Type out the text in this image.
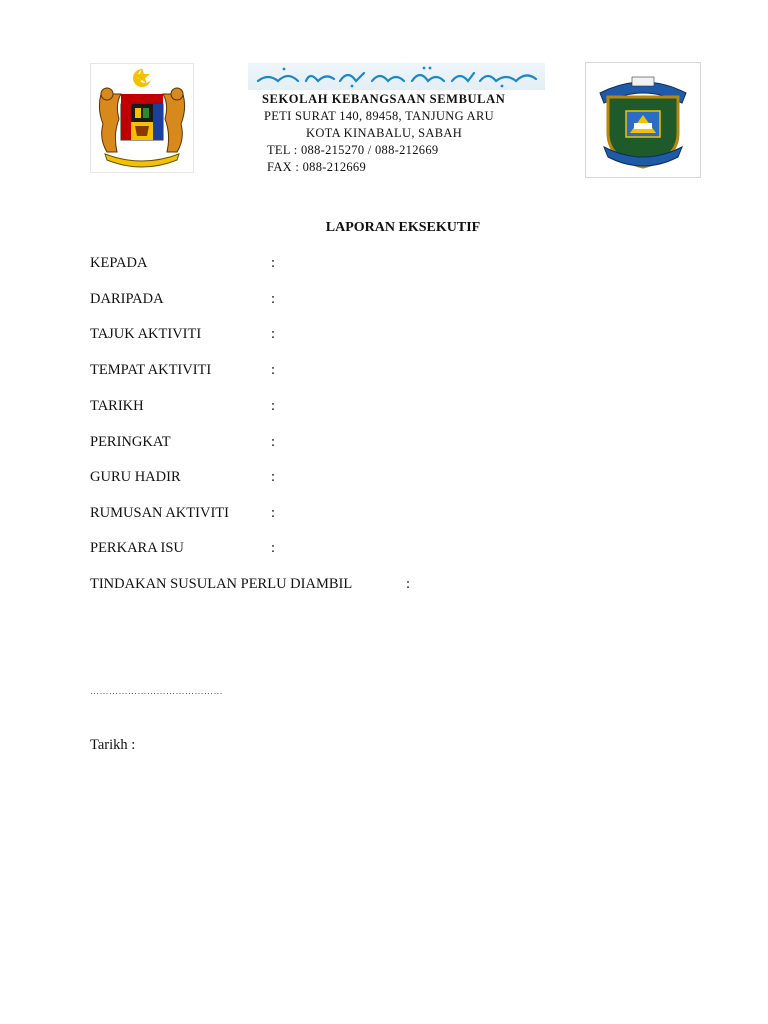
SEKOLAH KEBANGSAAN SEMBULAN
PETI SURAT 140, 89458, TANJUNG ARU
KOTA KINABALU, SABAH
TEL : 088-215270 / 088-212669
FAX : 088-212669
LAPORAN EKSEKUTIF
KEPADA	:
DARIPADA	:
TAJUK AKTIVITI	:
TEMPAT AKTIVITI	:
TARIKH	:
PERINGKAT	:
GURU HADIR	:
RUMUSAN AKTIVITI	:
PERKARA ISU	:
TINDAKAN SUSULAN PERLU DIAMBIL	:
……………………………………
Tarikh :
